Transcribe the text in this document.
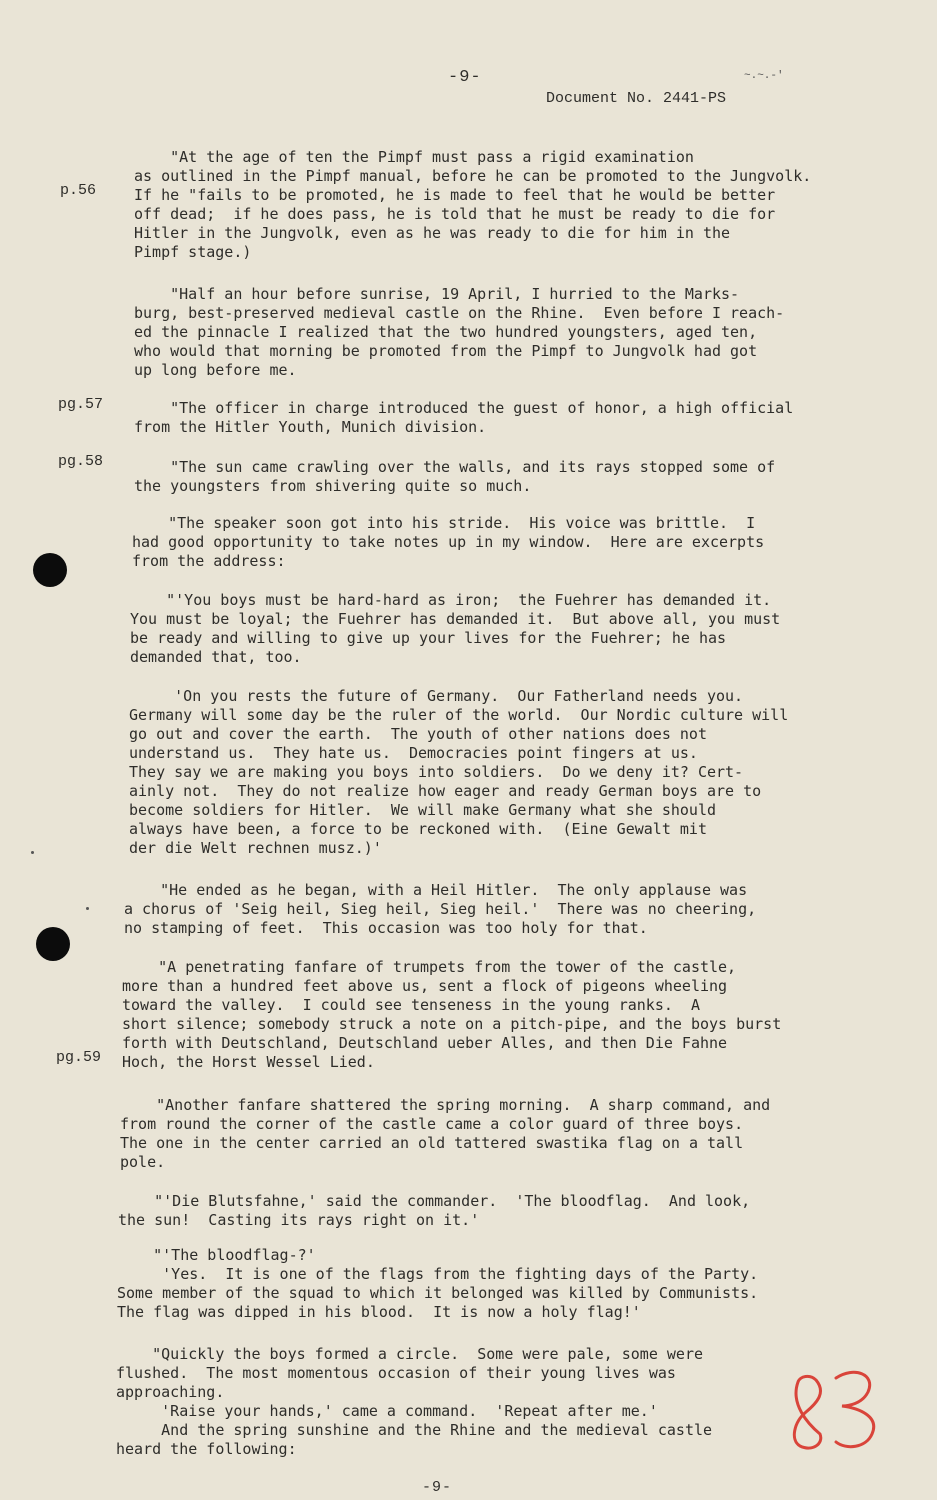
-9-
Document No. 2441-PS
~.~.-'
p.56
pg.57
pg.58
pg.59
"At the age of ten the Pimpf must pass a rigid examination
as outlined in the Pimpf manual, before he can be promoted to the Jungvolk.
If he "fails to be promoted, he is made to feel that he would be better
off dead;  if he does pass, he is told that he must be ready to die for
Hitler in the Jungvolk, even as he was ready to die for him in the
Pimpf stage.)
"Half an hour before sunrise, 19 April, I hurried to the Marks-
burg, best-preserved medieval castle on the Rhine.  Even before I reach-
ed the pinnacle I realized that the two hundred youngsters, aged ten,
who would that morning be promoted from the Pimpf to Jungvolk had got
up long before me.
"The officer in charge introduced the guest of honor, a high official
from the Hitler Youth, Munich division.
"The sun came crawling over the walls, and its rays stopped some of
the youngsters from shivering quite so much.
"The speaker soon got into his stride.  His voice was brittle.  I
had good opportunity to take notes up in my window.  Here are excerpts
from the address:
"'You boys must be hard-hard as iron;  the Fuehrer has demanded it.
You must be loyal; the Fuehrer has demanded it.  But above all, you must
be ready and willing to give up your lives for the Fuehrer; he has
demanded that, too.
'On you rests the future of Germany.  Our Fatherland needs you.
Germany will some day be the ruler of the world.  Our Nordic culture will
go out and cover the earth.  The youth of other nations does not
understand us.  They hate us.  Democracies point fingers at us.
They say we are making you boys into soldiers.  Do we deny it? Cert-
ainly not.  They do not realize how eager and ready German boys are to
become soldiers for Hitler.  We will make Germany what she should
always have been, a force to be reckoned with.  (Eine Gewalt mit
der die Welt rechnen musz.)'
"He ended as he began, with a Heil Hitler.  The only applause was
a chorus of 'Seig heil, Sieg heil, Sieg heil.'  There was no cheering,
no stamping of feet.  This occasion was too holy for that.
"A penetrating fanfare of trumpets from the tower of the castle,
more than a hundred feet above us, sent a flock of pigeons wheeling
toward the valley.  I could see tenseness in the young ranks.  A
short silence; somebody struck a note on a pitch-pipe, and the boys burst
forth with Deutschland, Deutschland ueber Alles, and then Die Fahne
Hoch, the Horst Wessel Lied.
"Another fanfare shattered the spring morning.  A sharp command, and
from round the corner of the castle came a color guard of three boys.
The one in the center carried an old tattered swastika flag on a tall
pole.
"'Die Blutsfahne,' said the commander.  'The bloodflag.  And look,
the sun!  Casting its rays right on it.'
"'The bloodflag-?'
'Yes.  It is one of the flags from the fighting days of the Party.
Some member of the squad to which it belonged was killed by Communists.
The flag was dipped in his blood.  It is now a holy flag!'
"Quickly the boys formed a circle.  Some were pale, some were
flushed.  The most momentous occasion of their young lives was
approaching.
'Raise your hands,' came a command.  'Repeat after me.'
And the spring sunshine and the Rhine and the medieval castle
heard the following:
-9-
